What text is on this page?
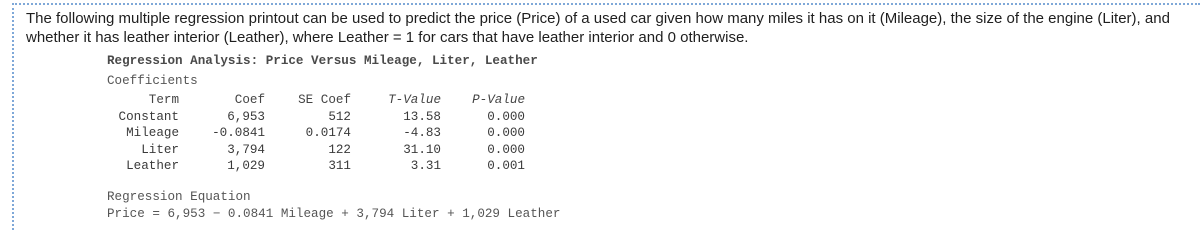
The following multiple regression printout can be used to predict the price (Price) of a used car given how many miles it has on it (Mileage), the size of the engine (Liter), and whether it has leather interior (Leather), where Leather = 1 for cars that have leather interior and 0 otherwise.
Regression Analysis: Price Versus Mileage, Liter, Leather
Coefficients
Term	Coef	SE Coef	T-Value	P-Value
Constant	6,953	512	13.58	0.000
Mileage	-0.0841	0.0174	-4.83	0.000
Liter	3,794	122	31.10	0.000
Leather	1,029	311	3.31	0.001
Regression Equation
Price = 6,953 − 0.0841 Mileage + 3,794 Liter + 1,029 Leather
